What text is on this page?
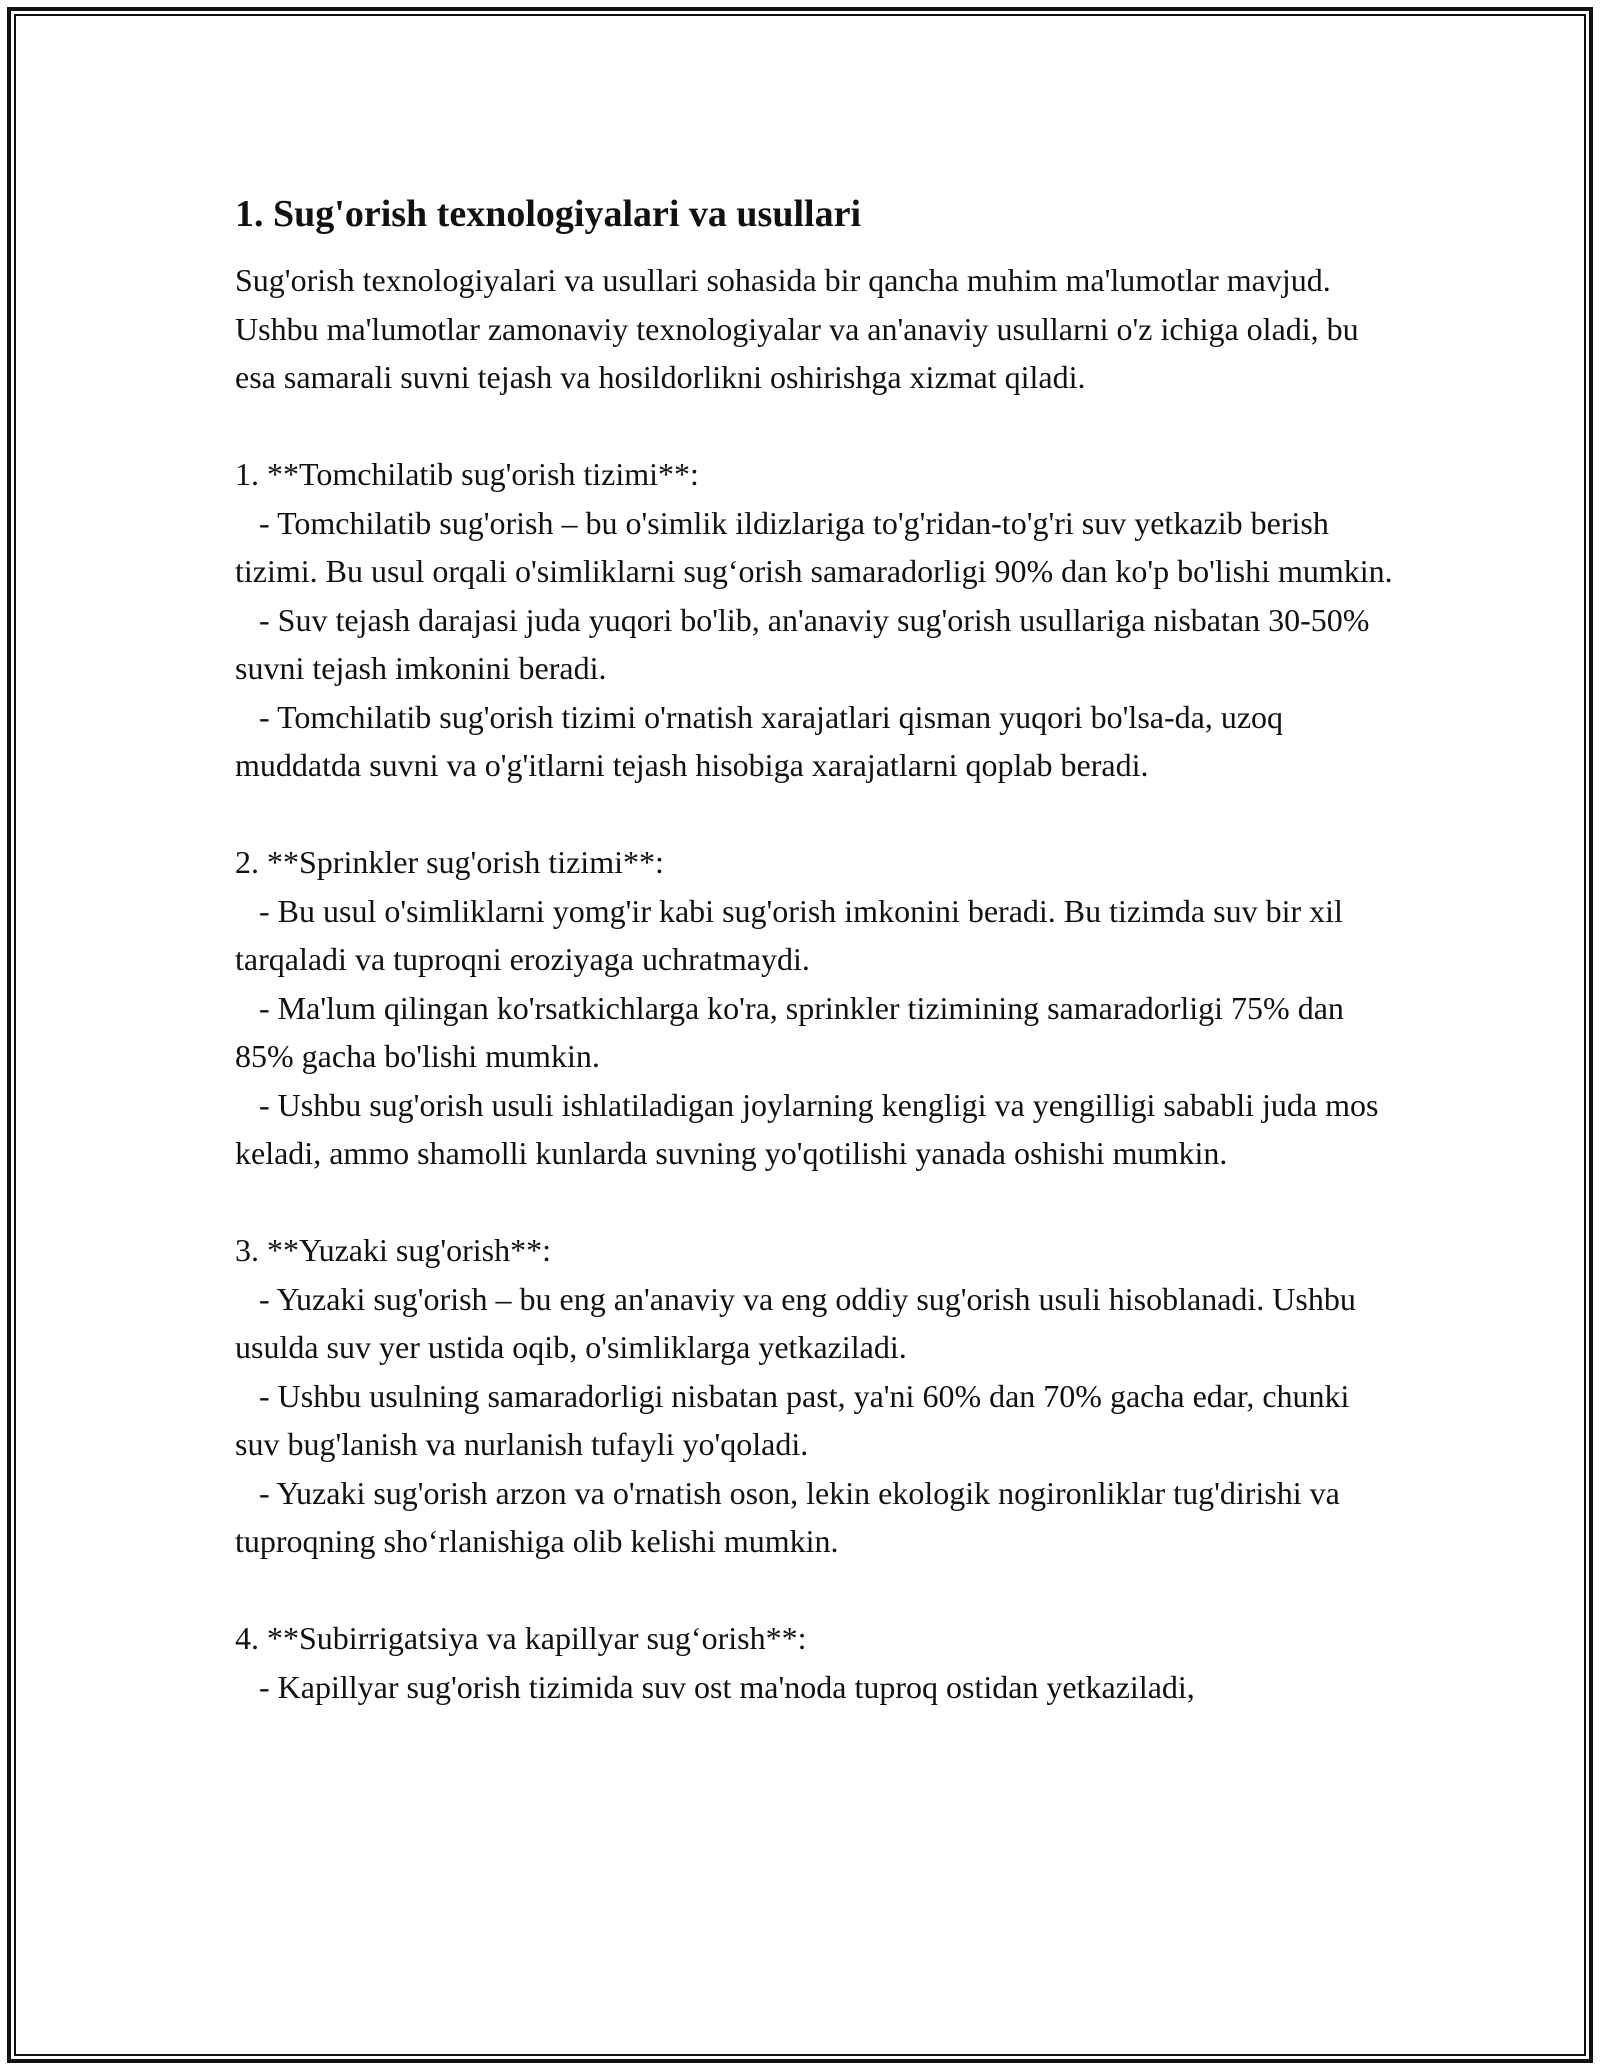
1. Sug'orish texnologiyalari va usullari

Sug'orish texnologiyalari va usullari sohasida bir qancha muhim ma'lumotlar mavjud. Ushbu ma'lumotlar zamonaviy texnologiyalar va an'anaviy usullarni o'z ichiga oladi, bu esa samarali suvni tejash va hosildorlikni oshirishga xizmat qiladi.

1. **Tomchilatib sug'orish tizimi**:

- Tomchilatib sug'orish – bu o'simlik ildizlariga to'g'ridan-to'g'ri suv yetkazib berish tizimi. Bu usul orqali o'simliklarni sug‘orish samaradorligi 90% dan ko'p bo'lishi mumkin.

- Suv tejash darajasi juda yuqori bo'lib, an'anaviy sug'orish usullariga nisbatan 30-50% suvni tejash imkonini beradi.

- Tomchilatib sug'orish tizimi o'rnatish xarajatlari qisman yuqori bo'lsa-da, uzoq muddatda suvni va o'g'itlarni tejash hisobiga xarajatlarni qoplab beradi.

2. **Sprinkler sug'orish tizimi**:

- Bu usul o'simliklarni yomg'ir kabi sug'orish imkonini beradi. Bu tizimda suv bir xil tarqaladi va tuproqni eroziyaga uchratmaydi.

- Ma'lum qilingan ko'rsatkichlarga ko'ra, sprinkler tizimining samaradorligi 75% dan 85% gacha bo'lishi mumkin.

- Ushbu sug'orish usuli ishlatiladigan joylarning kengligi va yengilligi sababli juda mos keladi, ammo shamolli kunlarda suvning yo'qotilishi yanada oshishi mumkin.

3. **Yuzaki sug'orish**:

- Yuzaki sug'orish – bu eng an'anaviy va eng oddiy sug'orish usuli hisoblanadi. Ushbu usulda suv yer ustida oqib, o'simliklarga yetkaziladi.

- Ushbu usulning samaradorligi nisbatan past, ya'ni 60% dan 70% gacha edar, chunki suv bug'lanish va nurlanish tufayli yo'qoladi.

- Yuzaki sug'orish arzon va o'rnatish oson, lekin ekologik nogironliklar tug'dirishi va tuproqning sho‘rlanishiga olib kelishi mumkin.

4. **Subirrigatsiya va kapillyar sug‘orish**:

- Kapillyar sug'orish tizimida suv ost ma'noda tuproq ostidan yetkaziladi,
